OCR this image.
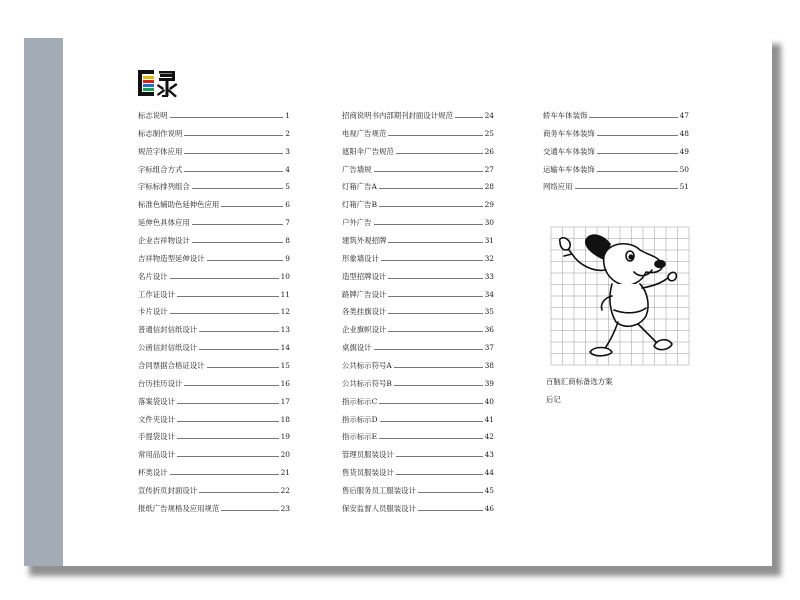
标志说明	1
标志制作说明	2
规范字体应用	3
字标组合方式	4
字标标排列组合	5
标准色辅助色延伸色应用	6
延伸色具体应用	7
企业吉祥物设计	8
吉祥物造型延伸设计	9
名片设计	10
工作证设计	11
卡片设计	12
普通信封信纸设计	13
公函信封信纸设计	14
合同票据合格证设计	15
台历挂历设计	16
落案袋设计	17
文件夹设计	18
手提袋设计	19
常用品设计	20
杯类设计	21
宣传折页封面设计	22
报纸广告规格及应用规范	23
招商说明书内部期刊封面设计规范	24
电视广告规范	25
遮阳伞广告规范	26
广告墙规	27
灯箱广告A	28
灯箱广告B	29
户外广告	30
建筑外观招牌	31
形象墙设计	32
造型招牌设计	33
路牌广告设计	34
各类挂旗设计	35
企业旗帜设计	36
桌旗设计	37
公共标示符号A	38
公共标示符号B	39
指示标示C	40
指示标示D	41
指示标示E	42
管理员服装设计	43
售货员服装设计	44
售后服务员工服装设计	45
保安监督人员服装设计	46
轿车车体装饰	47
商务车车体装饰	48
交通车车体装饰	49
运输车车体装饰	50
网络应用	51
百脑汇商标备选方案
后记
